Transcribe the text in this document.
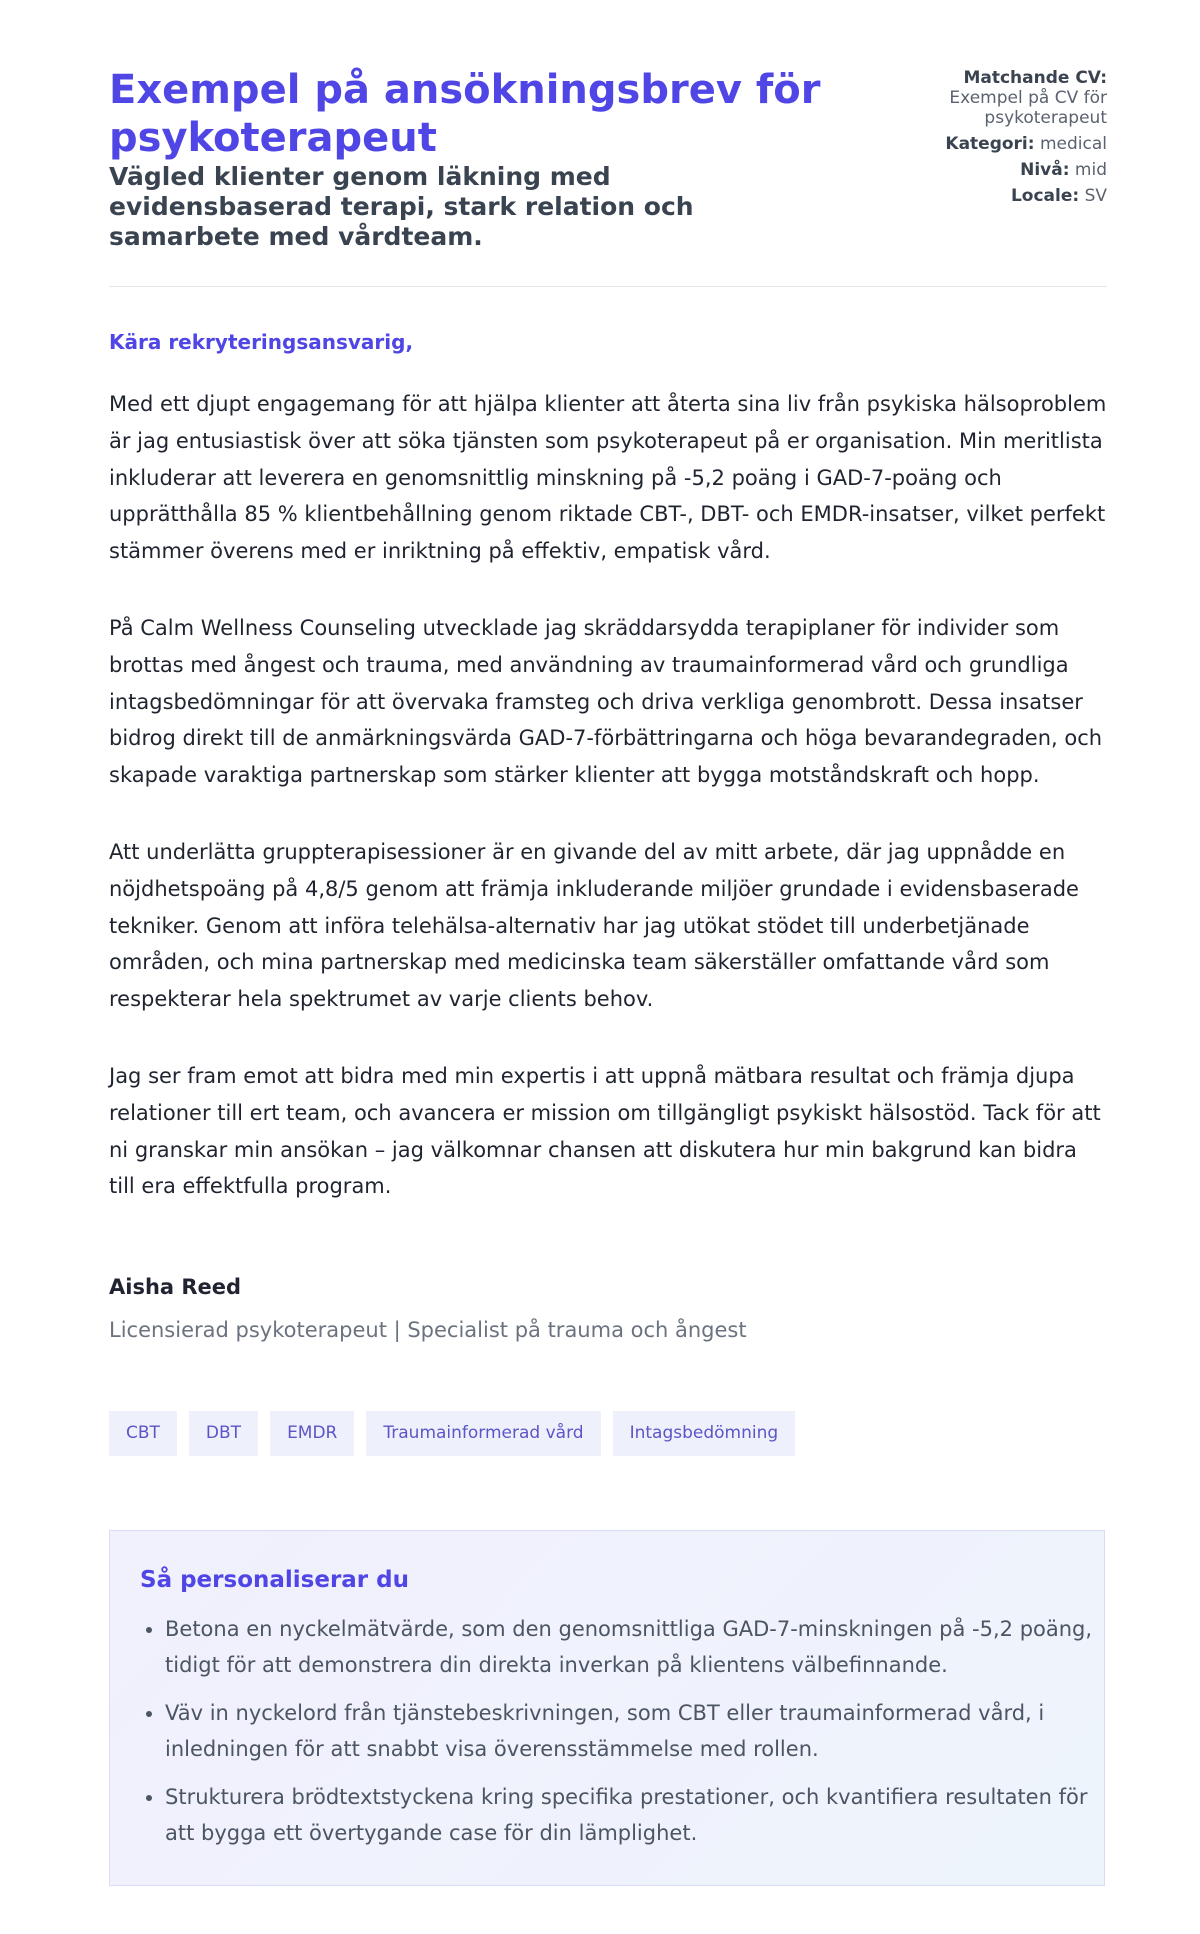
Exempel på ansökningsbrev för psykoterapeut
Vägled klienter genom läkning med evidensbaserad terapi, stark relation och samarbete med vårdteam.
Matchande CV:
Exempel på CV för psykoterapeut
Kategori: medical
Nivå: mid
Locale: SV

Kära rekryteringsansvarig,

Med ett djupt engagemang för att hjälpa klienter att återta sina liv från psykiska hälsoproblem är jag entusiastisk över att söka tjänsten som psykoterapeut på er organisation. Min meritlista inkluderar att leverera en genomsnittlig minskning på -5,2 poäng i GAD-7-poäng och upprätthålla 85 % klientbehållning genom riktade CBT-, DBT- och EMDR-insatser, vilket perfekt stämmer överens med er inriktning på effektiv, empatisk vård.

På Calm Wellness Counseling utvecklade jag skräddarsydda terapiplaner för individer som brottas med ångest och trauma, med användning av traumainformerad vård och grundliga intagsbedömningar för att övervaka framsteg och driva verkliga genombrott. Dessa insatser bidrog direkt till de anmärkningsvärda GAD-7-förbättringarna och höga bevarandegraden, och skapade varaktiga partnerskap som stärker klienter att bygga motståndskraft och hopp.

Att underlätta gruppterapisessioner är en givande del av mitt arbete, där jag uppnådde en nöjdhetspoäng på 4,8/5 genom att främja inkluderande miljöer grundade i evidensbaserade tekniker. Genom att införa telehälsa-alternativ har jag utökat stödet till underbetjänade områden, och mina partnerskap med medicinska team säkerställer omfattande vård som respekterar hela spektrumet av varje clients behov.

Jag ser fram emot att bidra med min expertis i att uppnå mätbara resultat och främja djupa relationer till ert team, och avancera er mission om tillgängligt psykiskt hälsostöd. Tack för att ni granskar min ansökan – jag välkomnar chansen att diskutera hur min bakgrund kan bidra till era effektfulla program.

Aisha Reed
Licensierad psykoterapeut | Specialist på trauma och ångest
CBT	DBT	EMDR	Traumainformerad vård	Intagsbedömning
Så personaliserar du
• Betona en nyckelmätvärde, som den genomsnittliga GAD-7-minskningen på -5,2 poäng, tidigt för att demonstrera din direkta inverkan på klientens välbefinnande.
• Väv in nyckelord från tjänstebeskrivningen, som CBT eller traumainformerad vård, i inledningen för att snabbt visa överensstämmelse med rollen.
• Strukturera brödtextstyckena kring specifika prestationer, och kvantifiera resultaten för att bygga ett övertygande case för din lämplighet.
